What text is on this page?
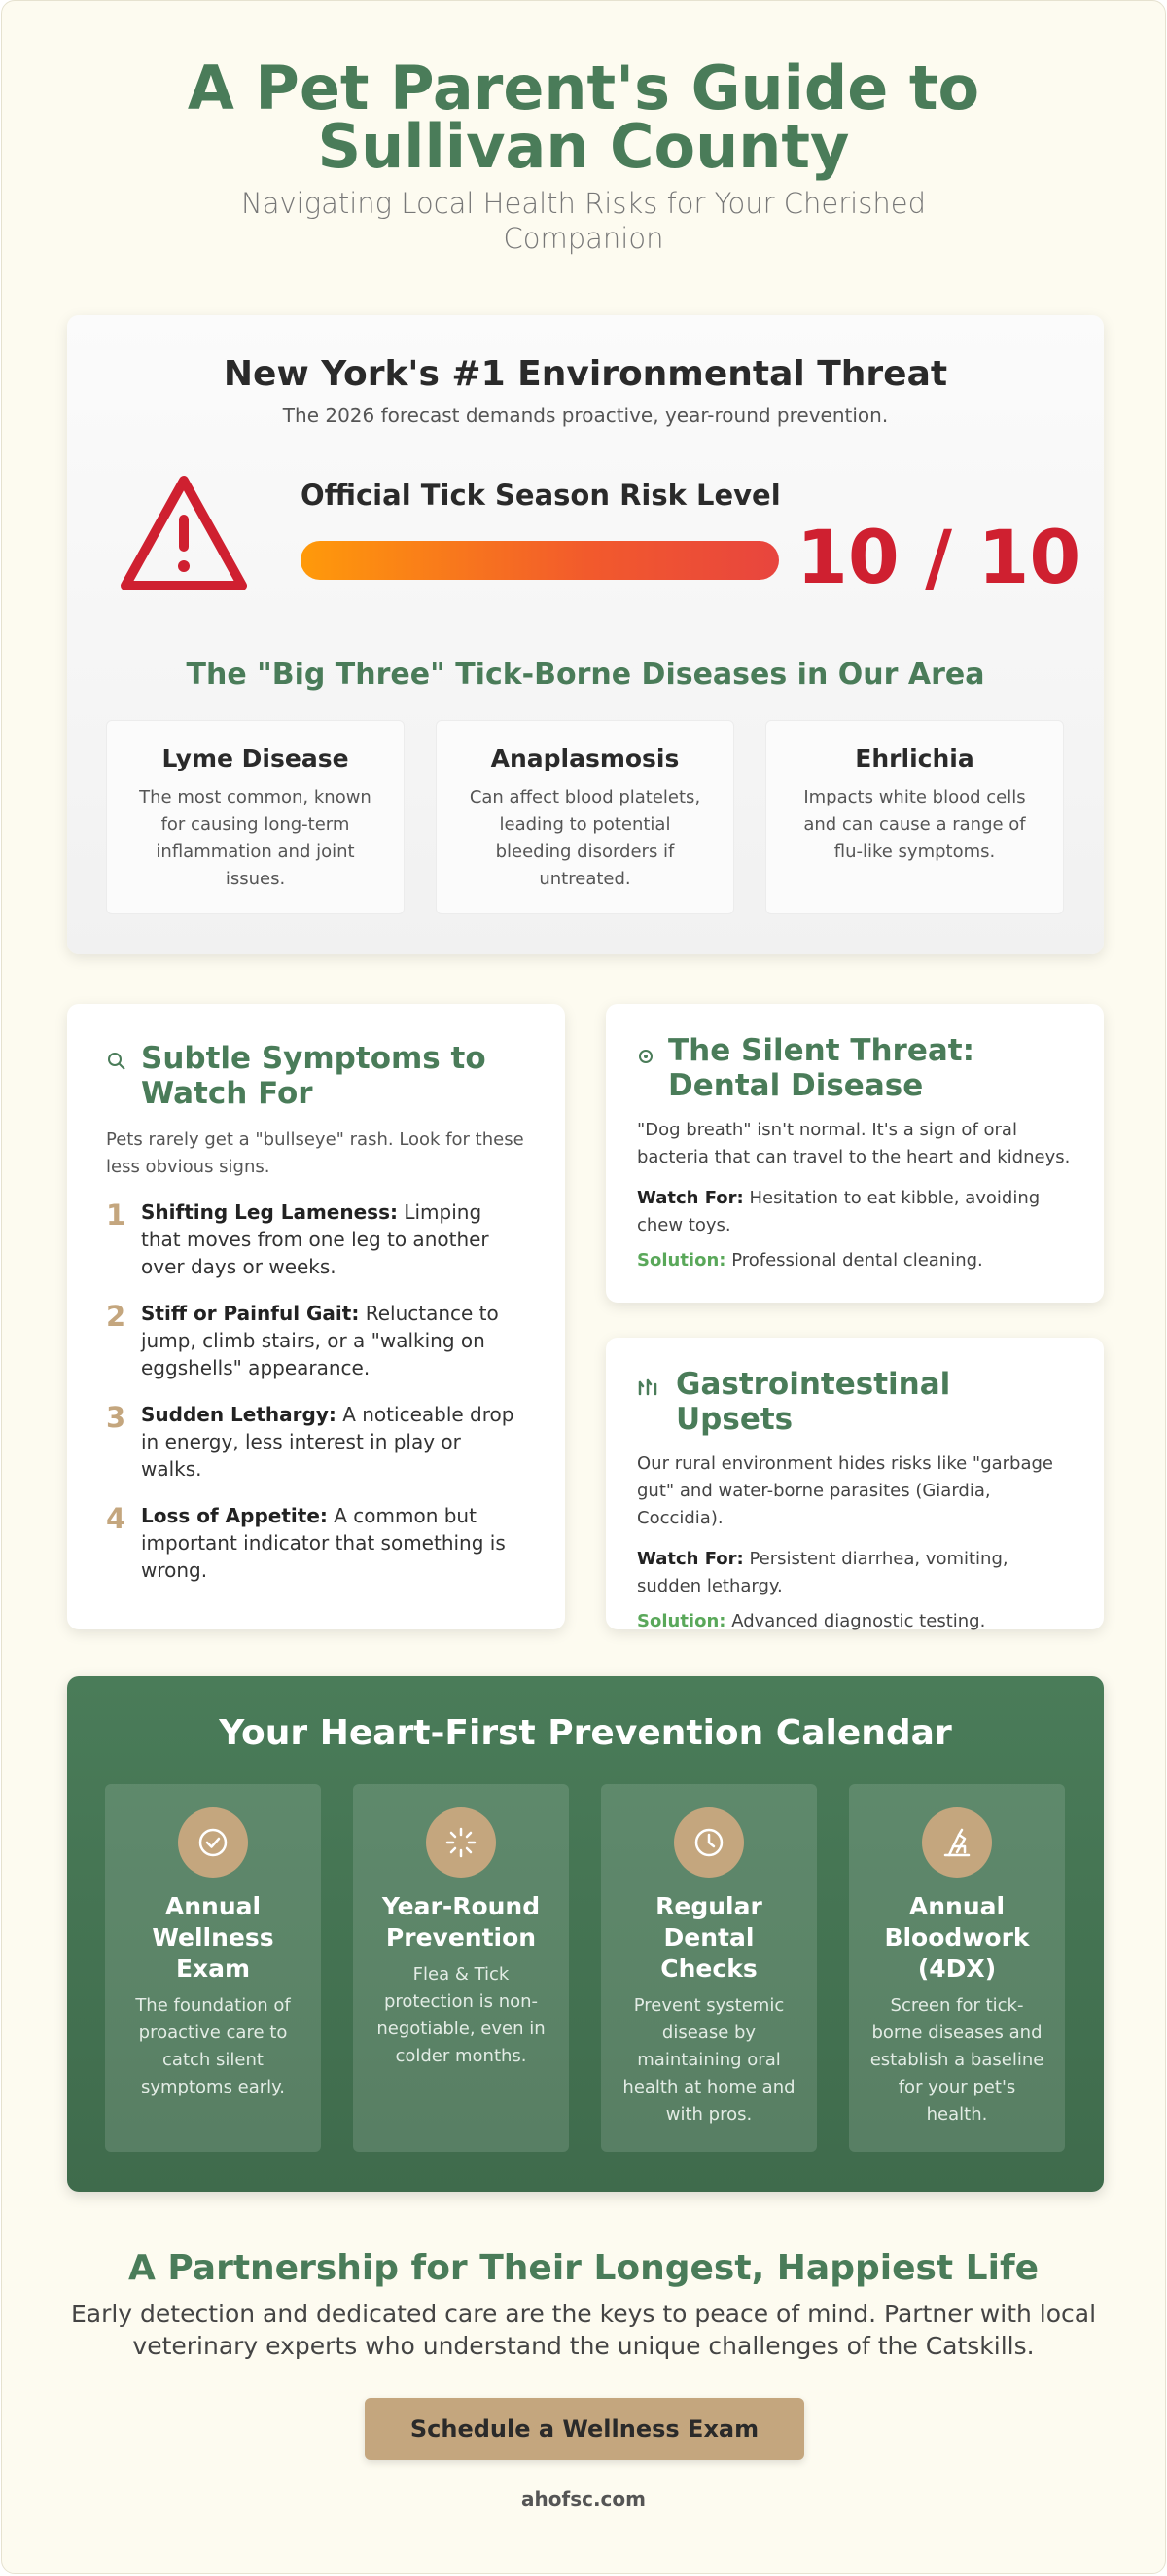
A Pet Parent's Guide to
Sullivan County
Navigating Local Health Risks for Your Cherished Companion
New York's #1 Environmental Threat
The 2026 forecast demands proactive, year-round prevention.
Official Tick Season Risk Level
10 / 10
The "Big Three" Tick-Borne Diseases in Our Area
Lyme Disease

The most common, known for causing long-term inflammation and joint issues.

Anaplasmosis

Can affect blood platelets, leading to potential bleeding disorders if untreated.

Ehrlichia

Impacts white blood cells and can cause a range of flu-like symptoms.

Subtle Symptoms to Watch For
Pets rarely get a "bullseye" rash. Look for these less obvious signs.
1 Shifting Leg Lameness: Limping that moves from one leg to another over days or weeks.
2 Stiff or Painful Gait: Reluctance to jump, climb stairs, or a "walking on eggshells" appearance.
3 Sudden Lethargy: A noticeable drop in energy, less interest in play or walks.
4 Loss of Appetite: A common but important indicator that something is wrong.
The Silent Threat: Dental Disease
"Dog breath" isn't normal. It's a sign of oral bacteria that can travel to the heart and kidneys.
Watch For: Hesitation to eat kibble, avoiding chew toys.
Solution: Professional dental cleaning.
Gastrointestinal Upsets
Our rural environment hides risks like "garbage gut" and water-borne parasites (Giardia, Coccidia).
Watch For: Persistent diarrhea, vomiting, sudden lethargy.
Solution: Advanced diagnostic testing.
Your Heart-First Prevention Calendar
Annual Wellness Exam

The foundation of proactive care to catch silent symptoms early.

Year-Round Prevention

Flea & Tick protection is non-negotiable, even in colder months.

Regular Dental Checks

Prevent systemic disease by maintaining oral health at home and with pros.

Annual Bloodwork (4DX)

Screen for tick-borne diseases and establish a baseline for your pet's health.

A Partnership for Their Longest, Happiest Life

Early detection and dedicated care are the keys to peace of mind. Partner with local veterinary experts who understand the unique challenges of the Catskills.

Schedule a Wellness Exam
ahofsc.com
